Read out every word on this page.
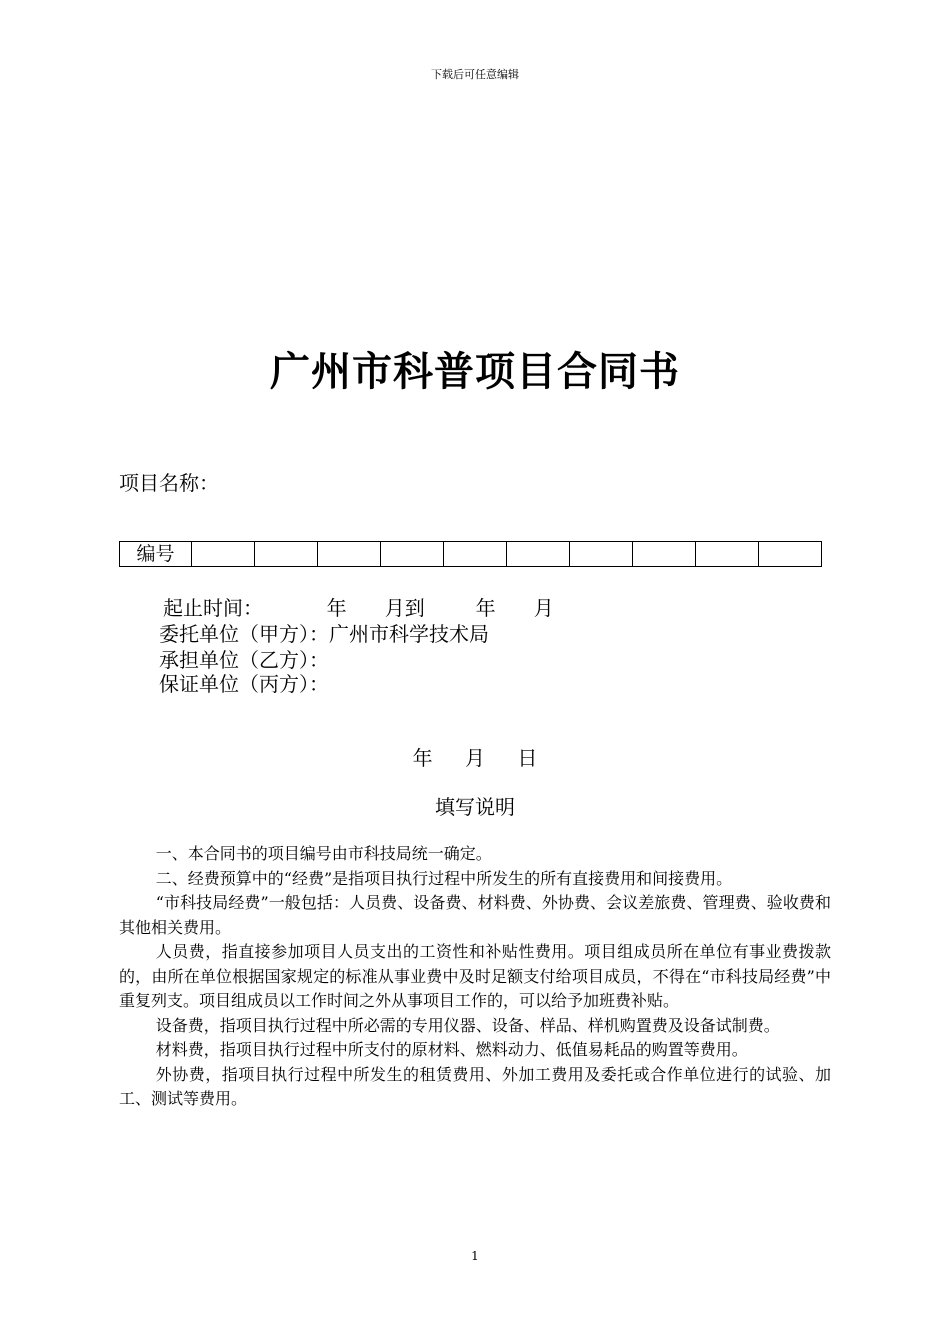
下载后可任意编辑
广州市科普项目合同书
项目名称：
编号										
起止时间：          年      月到        年      月
委托单位（甲方）：广州市科学技术局
承担单位（乙方）：
保证单位（丙方）：
年 月 日
填写说明

一、本合同书的项目编号由市科技局统一确定。

二、经费预算中的“经费”是指项目执行过程中所发生的所有直接费用和间接费用。

“市科技局经费”一般包括：人员费、设备费、材料费、外协费、会议差旅费、管理费、验收费和其他相关费用。

人员费，指直接参加项目人员支出的工资性和补贴性费用。项目组成员所在单位有事业费拨款的，由所在单位根据国家规定的标准从事业费中及时足额支付给项目成员，不得在“市科技局经费”中重复列支。项目组成员以工作时间之外从事项目工作的，可以给予加班费补贴。

设备费，指项目执行过程中所必需的专用仪器、设备、样品、样机购置费及设备试制费。

材料费，指项目执行过程中所支付的原材料、燃料动力、低值易耗品的购置等费用。

外协费，指项目执行过程中所发生的租赁费用、外加工费用及委托或合作单位进行的试验、加工、测试等费用。

1
